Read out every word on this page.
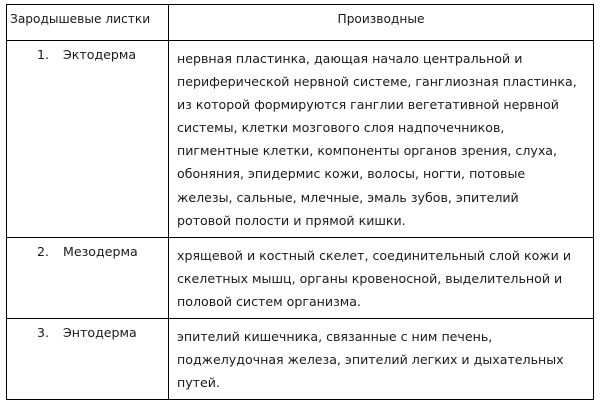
Зародышевые листки	Производные
1. Эктодерма	нервная пластинка, дающая начало центральной и
периферической нервной системе, ганглиозная пластинка,
из которой формируются ганглии вегетативной нервной
системы, клетки мозгового слоя надпочечников,
пигментные клетки, компоненты органов зрения, слуха,
обоняния, эпидермис кожи, волосы, ногти, потовые
железы, сальные, млечные, эмаль зубов, эпителий
ротовой полости и прямой кишки.
2. Мезодерма	хрящевой и костный скелет, соединительный слой кожи и
скелетных мышц, органы кровеносной, выделительной и
половой систем организма.
3. Энтодерма	эпителий кишечника, связанные с ним печень,
поджелудочная железа, эпителий легких и дыхательных
путей.
